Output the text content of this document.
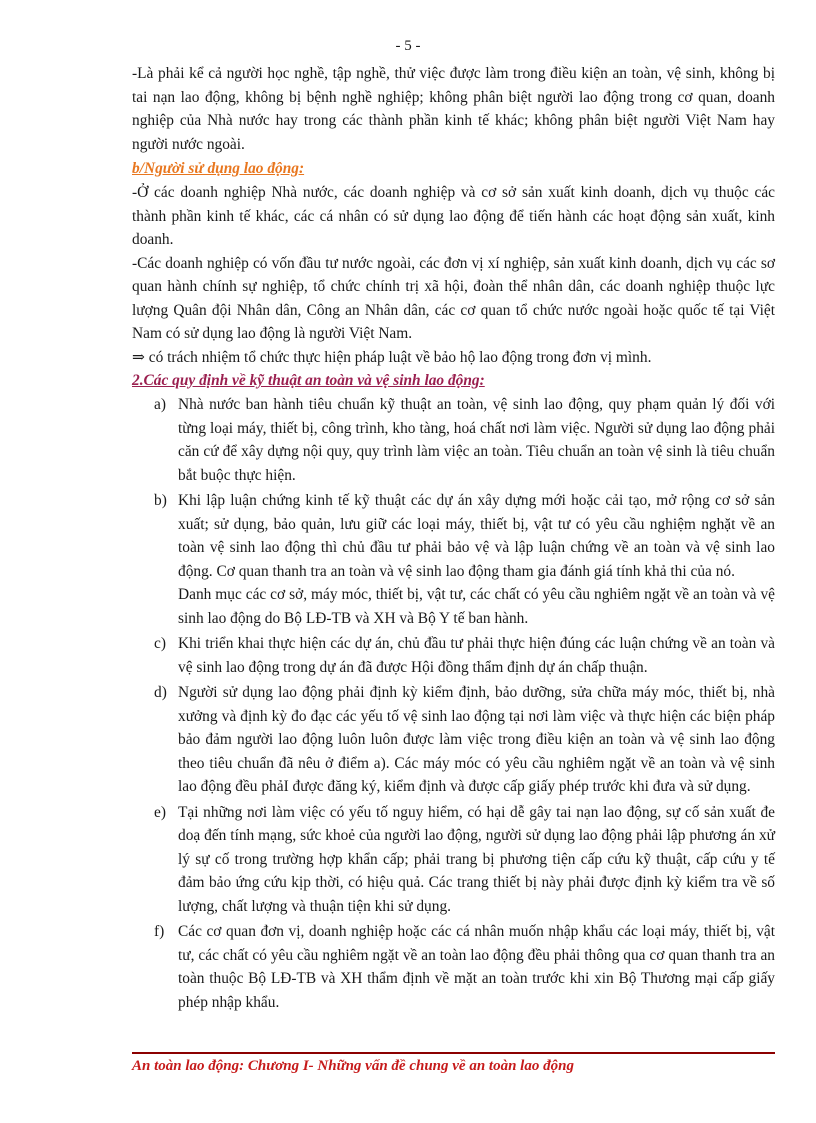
- 5 -

-Là phải kể cả người học nghề, tập nghề, thử việc được làm trong điều kiện an toàn, vệ sinh, không bị tai nạn lao động, không bị bệnh nghề nghiệp; không phân biệt người lao động trong cơ quan, doanh nghiệp của Nhà nước hay trong các thành phần kinh tế khác; không phân biệt người Việt Nam hay người nước ngoài.

b/Người sử dụng lao động:

-Ở các doanh nghiệp Nhà nước, các doanh nghiệp và cơ sở sản xuất kinh doanh, dịch vụ thuộc các thành phần kinh tế khác, các cá nhân có sử dụng lao động để tiến hành các hoạt động sản xuất, kinh doanh.

-Các doanh nghiệp có vốn đầu tư nước ngoài, các đơn vị xí nghiệp, sản xuất kinh doanh, dịch vụ các sơ quan hành chính sự nghiệp, tổ chức chính trị xã hội, đoàn thể nhân dân, các doanh nghiệp thuộc lực lượng Quân đội Nhân dân, Công an Nhân dân, các cơ quan tổ chức nước ngoài hoặc quốc tế tại Việt Nam có sử dụng lao động là người Việt Nam.

⇒ có trách nhiệm tổ chức thực hiện pháp luật về bảo hộ lao động trong đơn vị mình.

2.Các quy định về kỹ thuật an toàn và vệ sinh lao động:

a) Nhà nước ban hành tiêu chuẩn kỹ thuật an toàn, vệ sinh lao động, quy phạm quản lý đối với từng loại máy, thiết bị, công trình, kho tàng, hoá chất nơi làm việc. Người sử dụng lao động phải căn cứ để xây dựng nội quy, quy trình làm việc an toàn. Tiêu chuẩn an toàn vệ sinh là tiêu chuẩn bắt buộc thực hiện.

b) Khi lập luận chứng kinh tế kỹ thuật các dự án xây dựng mới hoặc cải tạo, mở rộng cơ sở sản xuất; sử dụng, bảo quản, lưu giữ các loại máy, thiết bị, vật tư có yêu cầu nghiệm nghặt về an toàn vệ sinh lao động thì chủ đầu tư phải bảo vệ và lập luận chứng về an toàn và vệ sinh lao động. Cơ quan thanh tra an toàn và vệ sinh lao động tham gia đánh giá tính khả thi của nó.

Danh mục các cơ sở, máy móc, thiết bị, vật tư, các chất có yêu cầu nghiêm ngặt về an toàn và vệ sinh lao động do Bộ LĐ-TB và XH và Bộ Y tế ban hành.

c) Khi triển khai thực hiện các dự án, chủ đầu tư phải thực hiện đúng các luận chứng về an toàn và vệ sinh lao động trong dự án đã được Hội đồng thẩm định dự án chấp thuận.

d) Người sử dụng lao động phải định kỳ kiểm định, bảo dưỡng, sửa chữa máy móc, thiết bị, nhà xưởng và định kỳ đo đạc các yếu tố vệ sinh lao động tại nơi làm việc và thực hiện các biện pháp bảo đảm người lao động luôn luôn được làm việc trong điều kiện an toàn và vệ sinh lao động theo tiêu chuẩn đã nêu ở điểm a). Các máy móc có yêu cầu nghiêm ngặt về an toàn và vệ sinh lao động đều phảI được đăng ký, kiểm định và được cấp giấy phép trước khi đưa và sử dụng.

e) Tại những nơi làm việc có yếu tố nguy hiểm, có hại dễ gây tai nạn lao động, sự cố sản xuất đe doạ đến tính mạng, sức khoẻ của người lao động, người sử dụng lao động phải lập phương án xử lý sự cố trong trường hợp khẩn cấp; phải trang bị phương tiện cấp cứu kỹ thuật, cấp cứu y tế đảm bảo ứng cứu kịp thời, có hiệu quả. Các trang thiết bị này phải được định kỳ kiểm tra về số lượng, chất lượng và thuận tiện khi sử dụng.

f) Các cơ quan đơn vị, doanh nghiệp hoặc các cá nhân muốn nhập khẩu các loại máy, thiết bị, vật tư, các chất có yêu cầu nghiêm ngặt về an toàn lao động đều phải thông qua cơ quan thanh tra an toàn thuộc Bộ LĐ-TB và XH thẩm định về mặt an toàn trước khi xin Bộ Thương mại cấp giấy phép nhập khẩu.

An toàn lao động: Chương I- Những vấn đề chung về an toàn lao động
